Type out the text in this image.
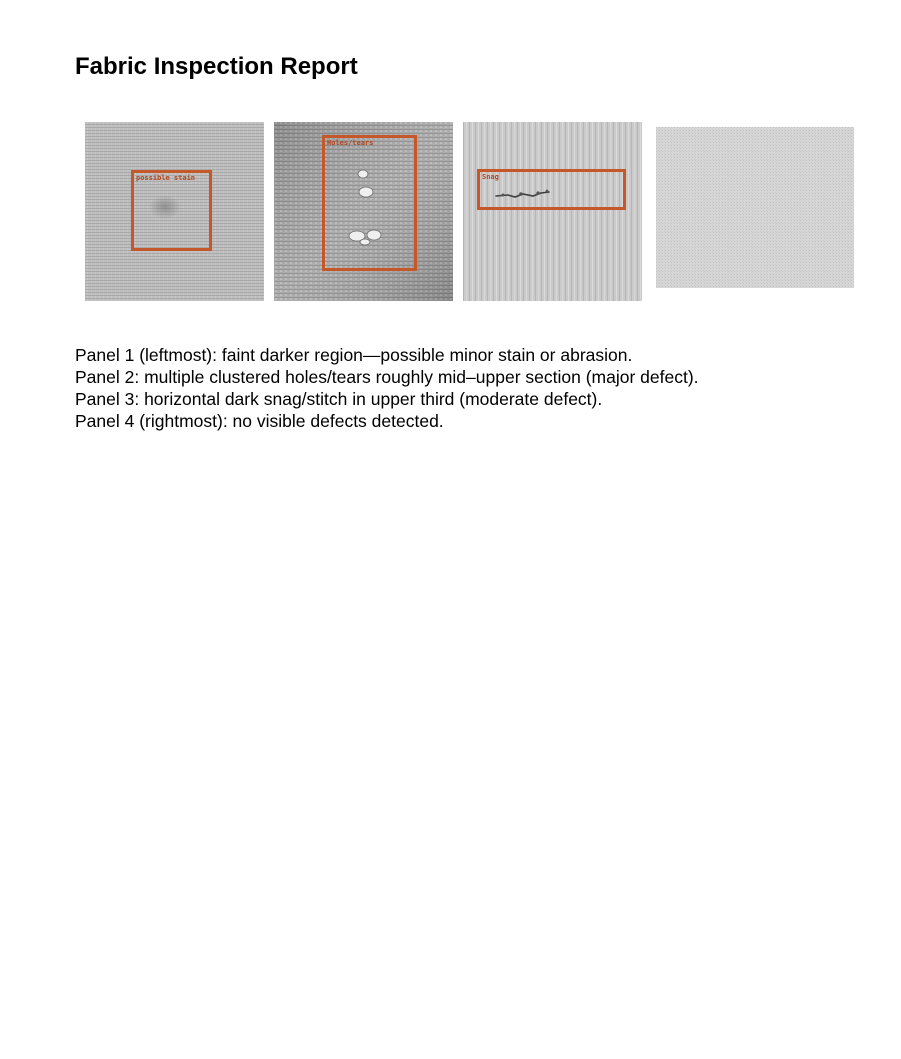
Fabric Inspection Report
possible stain
Holes/tears
Snag
Panel 1 (leftmost): faint darker region—possible minor stain or abrasion.
Panel 2: multiple clustered holes/tears roughly mid–upper section (major defect).
Panel 3: horizontal dark snag/stitch in upper third (moderate defect).
Panel 4 (rightmost): no visible defects detected.
